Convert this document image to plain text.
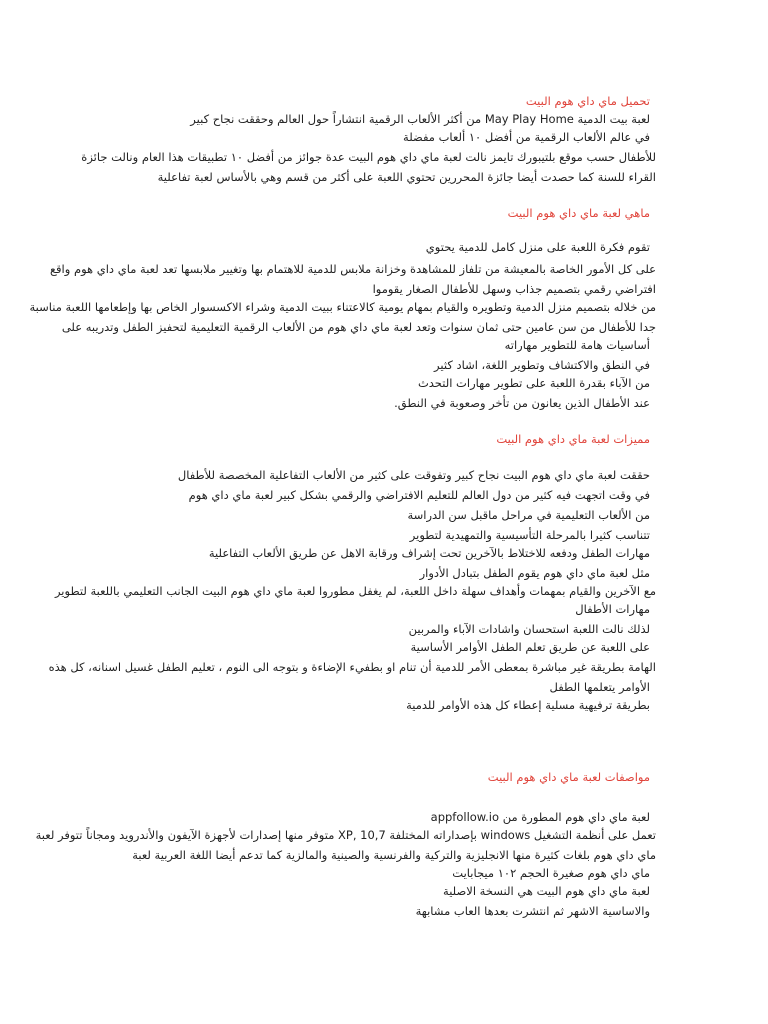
تحميل ماي داي هوم البيت
لعبة بيت الدمية May Play Home من أكثر الألعاب الرقمية انتشاراً حول العالم وحققت نجاح كبير
في عالم الألعاب الرقمية من أفضل ١٠ ألعاب مفضلة
للأطفال حسب موقع بلتيبورك تايمز نالت لعبة ماي داي هوم البيت عدة جوائز من أفضل ١٠ تطبيقات هذا العام ونالت جائزة
القراء للسنة كما حصدت أيضا جائزة المحررين تحتوي اللعبة على أكثر من قسم وهي بالأساس لعبة تفاعلية
ماهي لعبة ماي داي هوم البيت
تقوم فكرة اللعبة على منزل كامل للدمية يحتوي
على كل الأمور الخاصة بالمعيشة من تلفاز للمشاهدة وخزانة ملابس للدمية للاهتمام بها وتغيير ملابسها تعد لعبة ماي داي هوم واقع
افتراضي رقمي بتصميم جذاب وسهل للأطفال الصغار يقوموا
من خلاله بتصميم منزل الدمية وتطويره والقيام بمهام يومية كالاعتناء ببيت الدمية وشراء الاكسسوار الخاص بها وإطعامها اللعبة مناسبة
جدا للأطفال من سن عامين حتى ثمان سنوات وتعد لعبة ماي داي هوم من الألعاب الرقمية التعليمية لتحفيز الطفل وتدريبه على
أساسيات هامة للتطوير مهاراته
في النطق والاكتشاف وتطوير اللغة، اشاد كثير
من الآباء بقدرة اللعبة على تطوير مهارات التحدث
عند الأطفال الذين يعانون من تأخر وصعوبة في النطق.
مميزات لعبة ماي داي هوم البيت
حققت لعبة ماي داي هوم البيت نجاح كبير وتفوقت على كثير من الألعاب التفاعلية المخصصة للأطفال
في وقت اتجهت فيه كثير من دول العالم للتعليم الافتراضي والرقمي بشكل كبير لعبة ماي داي هوم
من الألعاب التعليمية في مراحل ماقبل سن الدراسة
تتناسب كثيرا بالمرحلة التأسيسية والتمهيدية لتطوير
مهارات الطفل ودفعه للاختلاط بالآخرين تحت إشراف ورقابة الاهل عن طريق الألعاب التفاعلية
مثل لعبة ماي داي هوم يقوم الطفل بتبادل الأدوار
مع الآخرين والقيام بمهمات وأهداف سهلة داخل اللعبة، لم يغفل مطوروا لعبة ماي داي هوم البيت الجانب التعليمي باللعبة لتطوير
مهارات الأطفال
لذلك نالت اللعبة استحسان واشادات الآباء والمربين
على اللعبة عن طريق تعلم الطفل الأوامر الأساسية
الهامة بطريقة غير مباشرة بمعطى الأمر للدمية أن تنام او بطفيء الإضاءة و بتوجه الى النوم ، تعليم الطفل غسيل اسنانه، كل هذه
الأوامر يتعلمها الطفل
بطريقة ترفيهية مسلية إعطاء كل هذه الأوامر للدمية
مواصفات لعبة ماي داي هوم البيت
لعبة ماي داي هوم المطورة من appfollow.io
تعمل على أنظمة التشغيل windows بإصداراته المختلفة XP, 10,7 متوفر منها إصدارات لأجهزة الآيفون والأندرويد ومجاناً تتوفر لعبة
ماي داي هوم بلغات كثيرة منها الانجليزية والتركية والفرنسية والصينية والمالزية كما تدعم أيضا اللغة العربية لعبة
ماي داي هوم صغيرة الحجم ١٠٢ ميجابايت
لعبة ماي داي هوم البيت هي النسخة الاصلية
والاساسية الاشهر ثم انتشرت بعدها العاب مشابهة
